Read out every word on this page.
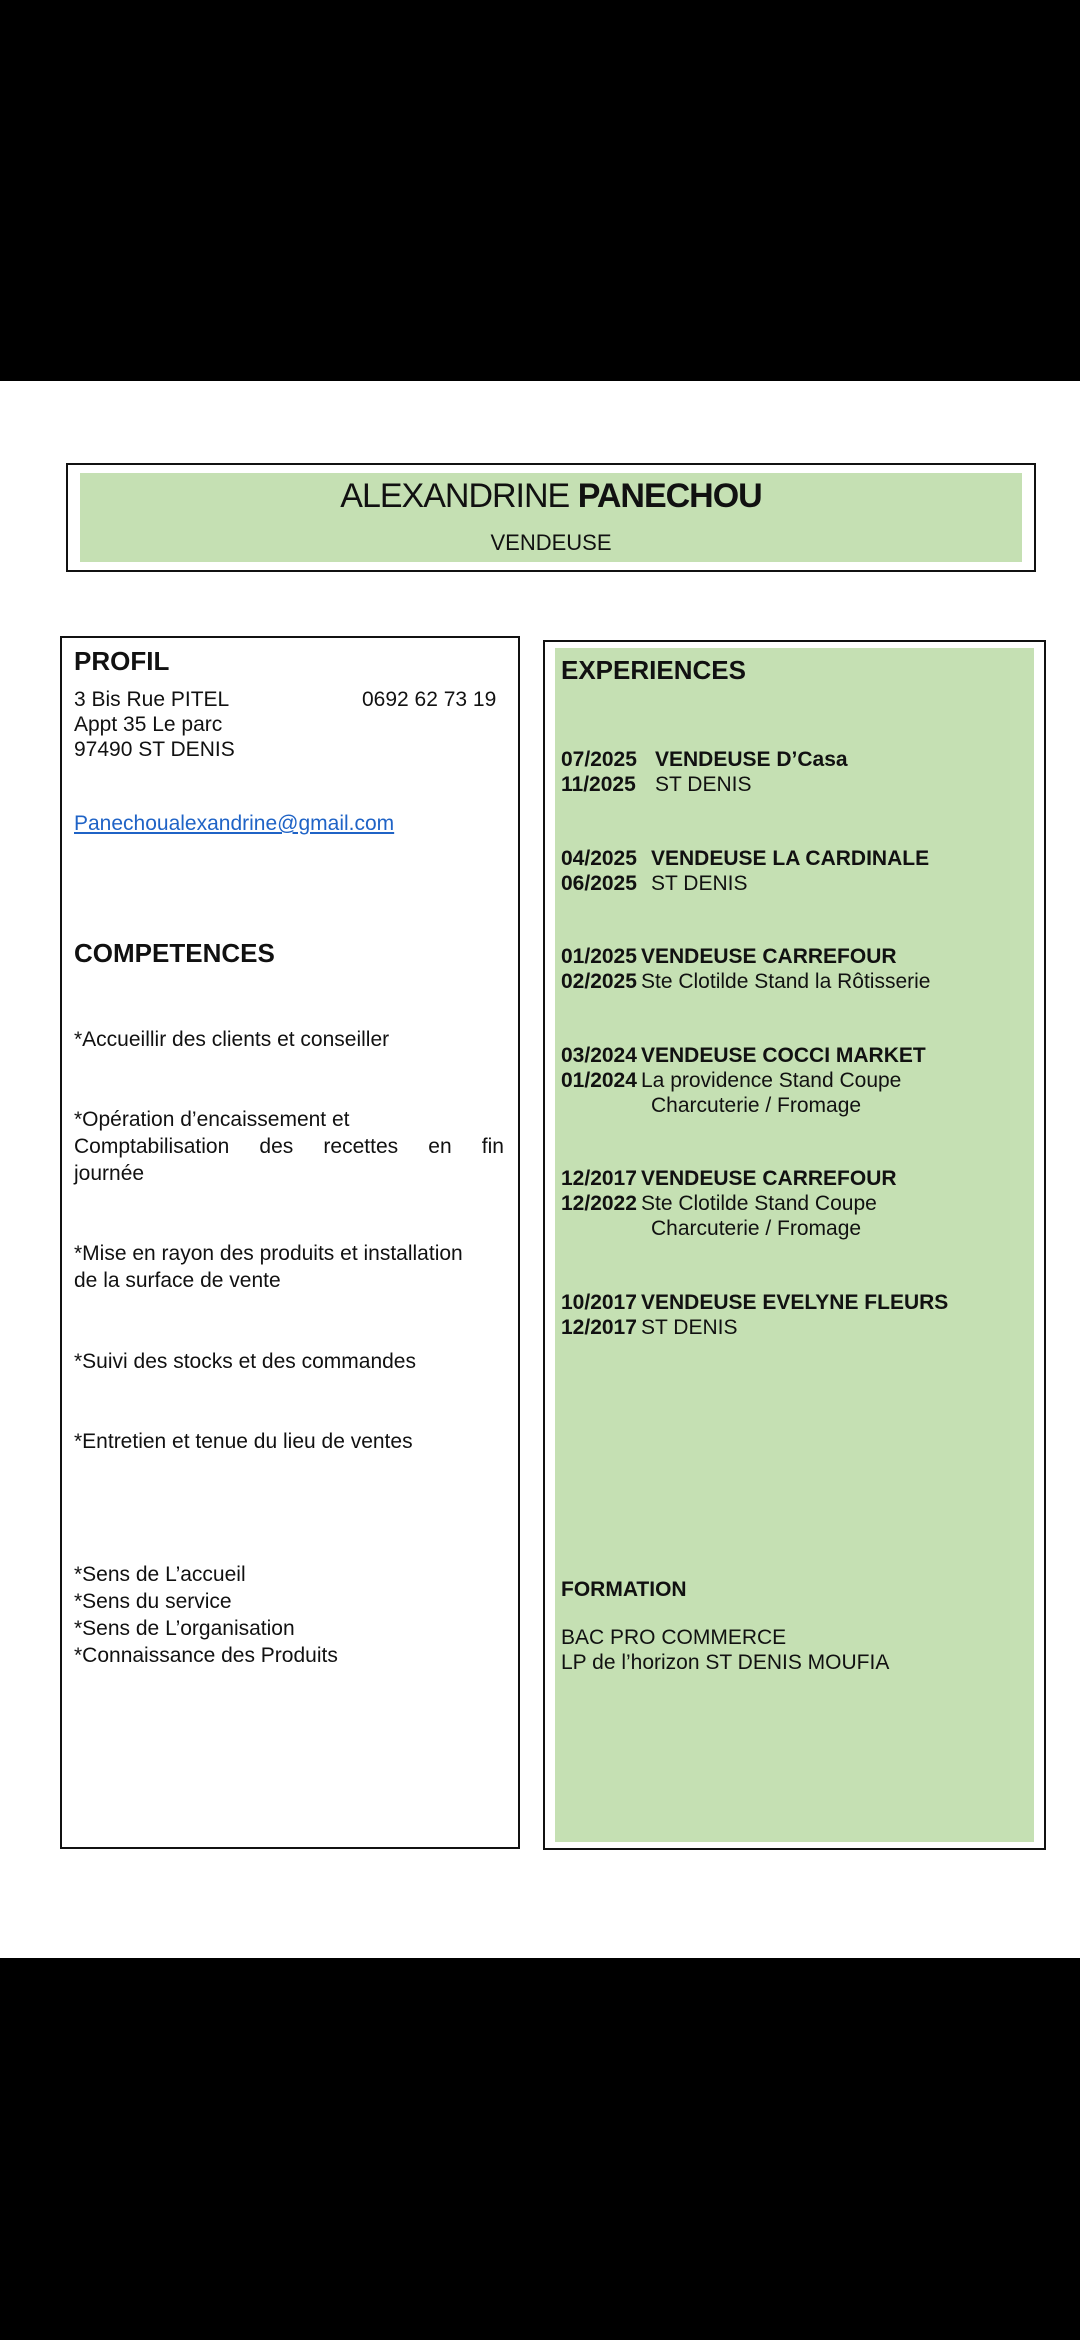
ALEXANDRINE PANECHOU
VENDEUSE
PROFIL
3 Bis Rue PITEL	0692 62 73 19
Appt 35 Le parc
97490 ST DENIS
Panechoualexandrine@gmail.com
COMPETENCES
*Accueillir des clients et conseiller
*Opération d’encaissement et
Comptabilisation des recettes en fin
journée
*Mise en rayon des produits et installation
de la surface de vente
*Suivi des stocks et des commandes
*Entretien et tenue du lieu de ventes
*Sens de L’accueil
*Sens du service
*Sens de L’organisation
*Connaissance des Produits
EXPERIENCES
07/2025 VENDEUSE D’Casa
11/2025 ST DENIS
04/2025 VENDEUSE LA CARDINALE
06/2025 ST DENIS
01/2025 VENDEUSE CARREFOUR
02/2025 Ste Clotilde Stand la Rôtisserie
03/2024 VENDEUSE COCCI MARKET
01/2024 La providence Stand Coupe
Charcuterie / Fromage
12/2017 VENDEUSE CARREFOUR
12/2022 Ste Clotilde Stand Coupe
Charcuterie / Fromage
10/2017 VENDEUSE EVELYNE FLEURS
12/2017 ST DENIS
FORMATION
BAC PRO COMMERCE
LP de l’horizon ST DENIS MOUFIA
